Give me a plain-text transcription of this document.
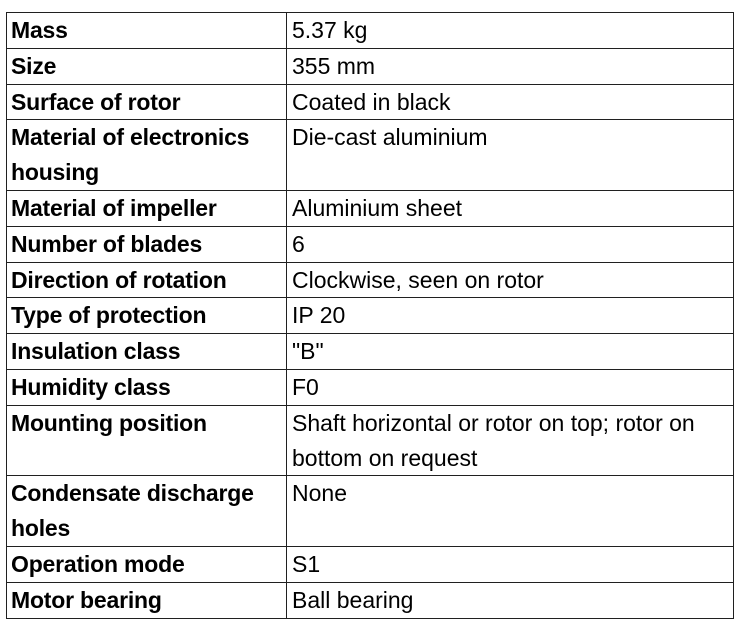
Mass	5.37 kg
Size	355 mm
Surface of rotor	Coated in black
Material of electronics housing	Die-cast aluminium
Material of impeller	Aluminium sheet
Number of blades	6
Direction of rotation	Clockwise, seen on rotor
Type of protection	IP 20
Insulation class	"B"
Humidity class	F0
Mounting position	Shaft horizontal or rotor on top; rotor on bottom on request
Condensate discharge holes	None
Operation mode	S1
Motor bearing	Ball bearing
